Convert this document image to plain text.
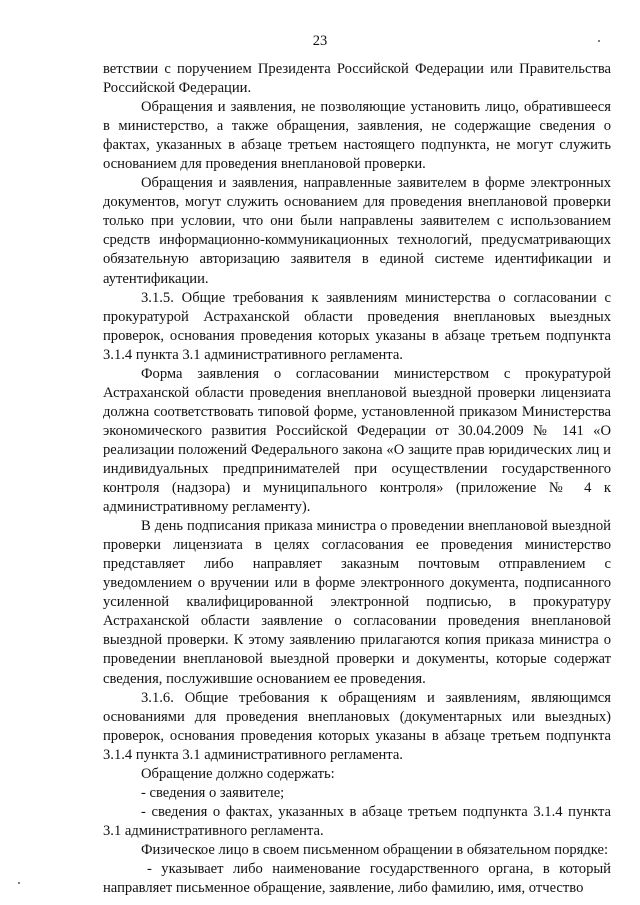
23

ветствии с поручением Президента Российской Федерации или Правительства Российской Федерации.

Обращения и заявления, не позволяющие установить лицо, обратившееся в министерство, а также обращения, заявления, не содержащие сведения о фактах, указанных в абзаце третьем настоящего подпункта, не могут служить основанием для проведения внеплановой проверки.

Обращения и заявления, направленные заявителем в форме электронных документов, могут служить основанием для проведения внеплановой проверки только при условии, что они были направлены заявителем с использованием средств информационно-коммуникационных технологий, предусматривающих обязательную авторизацию заявителя в единой системе идентификации и аутентификации.

3.1.5. Общие требования к заявлениям министерства о согласовании с прокуратурой Астраханской области проведения внеплановых выездных проверок, основания проведения которых указаны в абзаце третьем подпункта 3.1.4 пункта 3.1 административного регламента.

Форма заявления о согласовании министерством с прокуратурой Астраханской области проведения внеплановой выездной проверки лицензиата должна соответствовать типовой форме, установленной приказом Министерства экономического развития Российской Федерации от 30.04.2009 № 141 «О реализации положений Федерального закона «О защите прав юридических лиц и индивидуальных предпринимателей при осуществлении государственного контроля (надзора) и муниципального контроля» (приложение № 4 к административному регламенту).

В день подписания приказа министра о проведении внеплановой выездной проверки лицензиата в целях согласования ее проведения министерство представляет либо направляет заказным почтовым отправлением с уведомлением о вручении или в форме электронного документа, подписанного усиленной квалифицированной электронной подписью, в прокуратуру Астраханской области заявление о согласовании проведения внеплановой выездной проверки. К этому заявлению прилагаются копия приказа министра о проведении внеплановой выездной проверки и документы, которые содержат сведения, послужившие основанием ее проведения.

3.1.6. Общие требования к обращениям и заявлениям, являющимся основаниями для проведения внеплановых (документарных или выездных) проверок, основания проведения которых указаны в абзаце третьем подпункта 3.1.4 пункта 3.1 административного регламента.

Обращение должно содержать:

- сведения о заявителе;

- сведения о фактах, указанных в абзаце третьем подпункта 3.1.4 пункта 3.1 административного регламента.

Физическое лицо в своем письменном обращении в обязательном порядке:

- указывает либо наименование государственного органа, в который направляет письменное обращение, заявление, либо фамилию, имя, отчество
